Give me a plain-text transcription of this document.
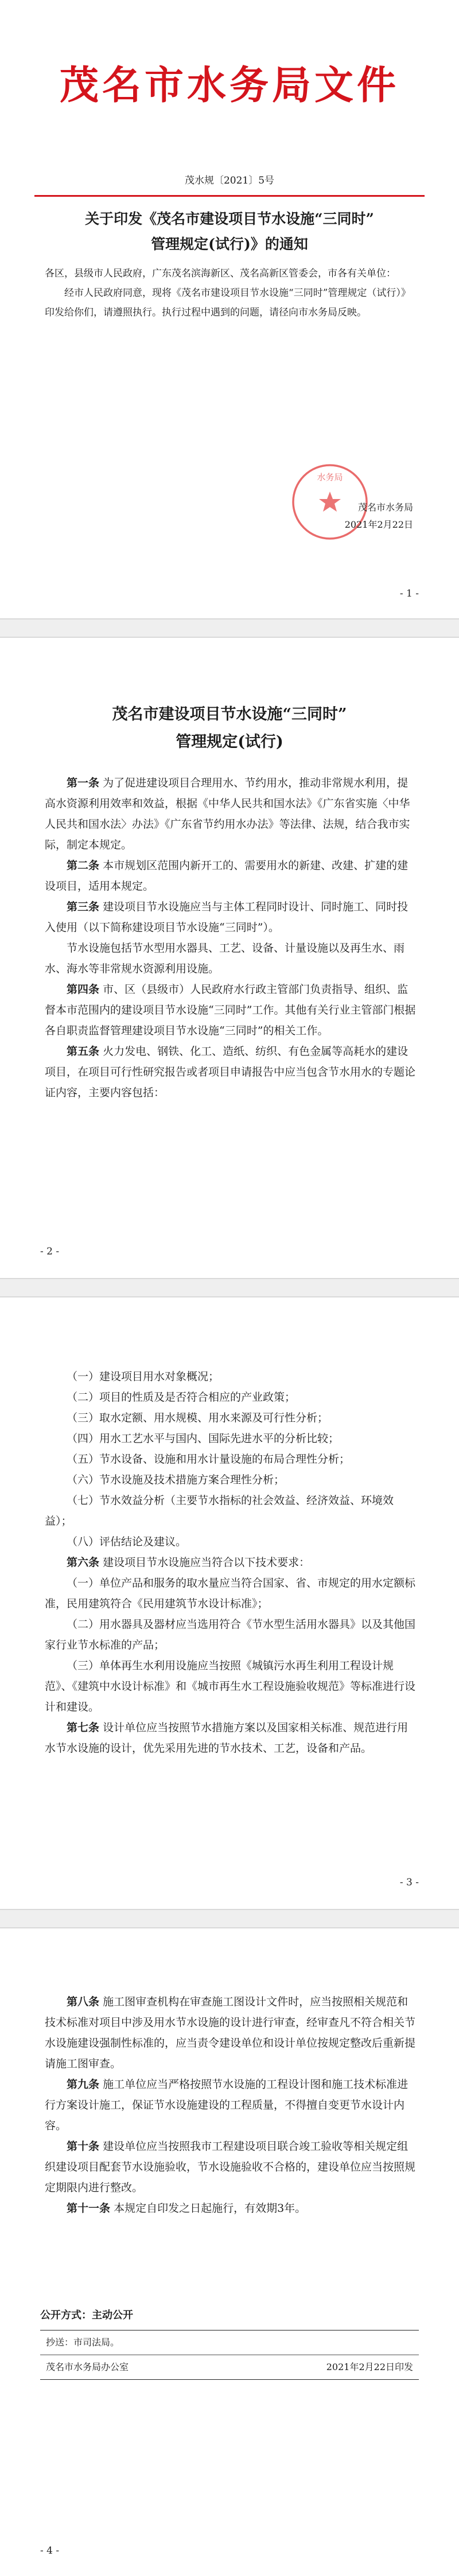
茂名市水务局文件
茂水规〔2021〕5号
关于印发《茂名市建设项目节水设施“三同时”
管理规定(试行)》的通知

各区，县级市人民政府，广东茂名滨海新区、茂名高新区管委会，市各有关单位：

经市人民政府同意，现将《茂名市建设项目节水设施“三同时”管理规定（试行）》印发给你们，请遵照执行。执行过程中遇到的问题，请径向市水务局反映。

水务局
茂名市水务局
2021年2月22日
- 1 -
茂名市建设项目节水设施“三同时”
管理规定(试行)

第一条 为了促进建设项目合理用水、节约用水，推动非常规水利用，提高水资源利用效率和效益，根据《中华人民共和国水法》《广东省实施〈中华人民共和国水法〉办法》《广东省节约用水办法》等法律、法规，结合我市实际，制定本规定。

第二条 本市规划区范围内新开工的、需要用水的新建、改建、扩建的建设项目，适用本规定。

第三条 建设项目节水设施应当与主体工程同时设计、同时施工、同时投入使用（以下简称建设项目节水设施“三同时”）。

节水设施包括节水型用水器具、工艺、设备、计量设施以及再生水、雨水、海水等非常规水资源利用设施。

第四条 市、区（县级市）人民政府水行政主管部门负责指导、组织、监督本市范围内的建设项目节水设施“三同时”工作。其他有关行业主管部门根据各自职责监督管理建设项目节水设施“三同时”的相关工作。

第五条 火力发电、钢铁、化工、造纸、纺织、有色金属等高耗水的建设项目，在项目可行性研究报告或者项目申请报告中应当包含节水用水的专题论证内容，主要内容包括：

- 2 -

（一）建设项目用水对象概况；

（二）项目的性质及是否符合相应的产业政策；

（三）取水定额、用水规模、用水来源及可行性分析；

（四）用水工艺水平与国内、国际先进水平的分析比较；

（五）节水设备、设施和用水计量设施的布局合理性分析；

（六）节水设施及技术措施方案合理性分析；

（七）节水效益分析（主要节水指标的社会效益、经济效益、环境效益）；

（八）评估结论及建议。

第六条 建设项目节水设施应当符合以下技术要求：

（一）单位产品和服务的取水量应当符合国家、省、市规定的用水定额标准，民用建筑符合《民用建筑节水设计标准》；

（二）用水器具及器材应当选用符合《节水型生活用水器具》以及其他国家行业节水标准的产品；

（三）单体再生水利用设施应当按照《城镇污水再生利用工程设计规范》、《建筑中水设计标准》和《城市再生水工程设施验收规范》等标准进行设计和建设。

第七条 设计单位应当按照节水措施方案以及国家相关标准、规范进行用水节水设施的设计，优先采用先进的节水技术、工艺，设备和产品。

- 3 -

第八条 施工图审查机构在审查施工图设计文件时，应当按照相关规范和技术标准对项目中涉及用水节水设施的设计进行审查，经审查凡不符合相关节水设施建设强制性标准的，应当责令建设单位和设计单位按规定整改后重新提请施工图审查。

第九条 施工单位应当严格按照节水设施的工程设计图和施工技术标准进行方案设计施工，保证节水设施建设的工程质量，不得擅自变更节水设计内容。

第十条 建设单位应当按照我市工程建设项目联合竣工验收等相关规定组织建设项目配套节水设施验收，节水设施验收不合格的，建设单位应当按照规定期限内进行整改。

第十一条 本规定自印发之日起施行，有效期3年。

公开方式：主动公开
抄送：市司法局。
茂名市水务局办公室	2021年2月22日印发
- 4 -
